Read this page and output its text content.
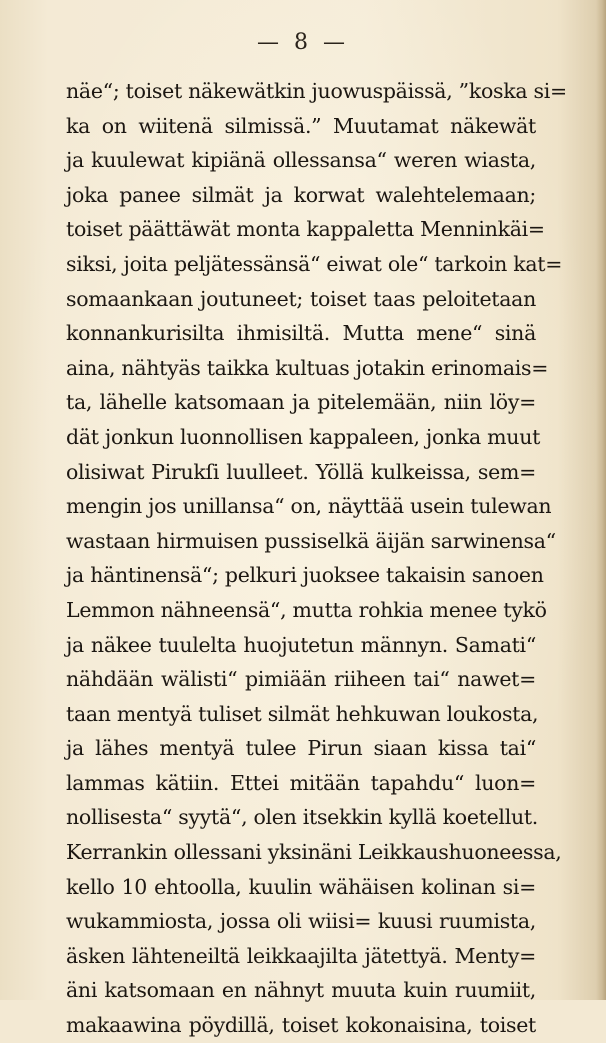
— 8 —
näe“; toiset näkewätkin juowuspäissä, ”koska si=
ka on wiitenä silmissä.” Muutamat näkewät
ja kuulewat kipiänä ollessansa“ weren wiasta,
joka panee silmät ja korwat walehtelemaan;
toiset päättäwät monta kappaletta Menninkäi=
siksi, joita peljätessänsä“ eiwat ole“ tarkoin kat=
somaankaan joutuneet; toiset taas peloitetaan
konnankurisilta ihmisiltä. Mutta mene“ sinä
aina, nähtyäs taikka kultuas jotakin erinomais=
ta, lähelle katsomaan ja pitelemään, niin löy=
dät jonkun luonnollisen kappaleen, jonka muut
olisiwat Pirukſi luulleet. Yöllä kulkeissa, sem=
mengin jos unillansa“ on, näyttää usein tulewan
wastaan hirmuisen pussiselkä äijän sarwinensa“
ja häntinensä“; pelkuri juoksee takaisin sanoen
Lemmon nähneensä“, mutta rohkia menee tykö
ja näkee tuulelta huojutetun männyn. Samati“
nähdään wälisti“ pimiään riiheen tai“ nawet=
taan mentyä tuliset silmät hehkuwan loukosta,
ja lähes mentyä tulee Pirun siaan kissa tai“
lammas kätiin. Ettei mitään tapahdu“ luon=
nollisesta“ syytä“, olen itsekkin kyllä koetellut.
Kerrankin ollessani yksinäni Leikkaushuoneessa,
kello 10 ehtoolla, kuulin wähäisen kolinan si=
wukammiosta, jossa oli wiisi= kuusi ruumista,
äsken lähteneiltä leikkaajilta jätettyä. Menty=
äni katsomaan en nähnyt muuta kuin ruumiit,
makaawina pöydillä, toiset kokonaisina, toiset
